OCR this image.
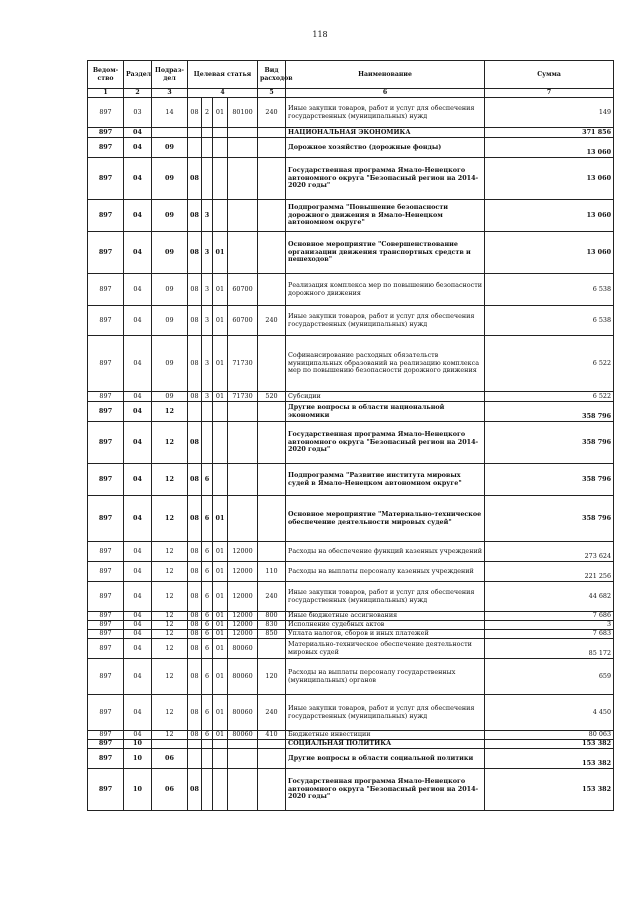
118
Ведом-ство	Раздел	Подраз-дел	Целевая статья				Вид расходов	Наименование	Сумма
1	2	3	4				5	6	7
897	03	14	08	2	01	80100	240	Иные закупки товаров, работ и услуг для обеспечения государственных (муниципальных) нужд	149
897	04							НАЦИОНАЛЬНАЯ ЭКОНОМИКА	371 856
897	04	09						Дорожное хозяйство (дорожные фонды)	13 060
897	04	09	08					Государственная программа Ямало-Ненецкого автономного округа "Безопасный регион на 2014-2020 годы"	13 060
897	04	09	08	3				Подпрограмма "Повышение безопасности дорожного движения в Ямало-Ненецком автономном округе"	13 060
897	04	09	08	3	01			Основное мероприятие "Совершенствование организации движения транспортных средств и пешеходов"	13 060
897	04	09	08	3	01	60700		Реализация комплекса мер по повышению безопасности дорожного движения	6 538
897	04	09	08	3	01	60700	240	Иные закупки товаров, работ и услуг для обеспечения государственных (муниципальных) нужд	6 538
897	04	09	08	3	01	71730		Софинансирование расходных обязательств муниципальных образований на реализацию комплекса мер по повышению безопасности дорожного движения	6 522
897	04	09	08	3	01	71730	520	Субсидии	6 522
897	04	12						Другие вопросы в области национальной экономики	358 796
897	04	12	08					Государственная программа Ямало-Ненецкого автономного округа "Безопасный регион на 2014-2020 годы"	358 796
897	04	12	08	6				Подпрограмма "Развитие института мировых судей в Ямало-Ненецком автономном округе"	358 796
897	04	12	08	6	01			Основное мероприятие "Материально-техническое обеспечение деятельности мировых судей"	358 796
897	04	12	08	6	01	12000		Расходы на обеспечение функций казенных учреждений	273 624
897	04	12	08	6	01	12000	110	Расходы на выплаты персоналу казенных учреждений	221 256
897	04	12	08	6	01	12000	240	Иные закупки товаров, работ и услуг для обеспечения государственных (муниципальных) нужд	44 682
897	04	12	08	6	01	12000	800	Иные бюджетные ассигнования	7 686
897	04	12	08	6	01	12000	830	Исполнение судебных актов	3
897	04	12	08	6	01	12000	850	Уплата налогов, сборов и иных платежей	7 683
897	04	12	08	6	01	80060		Материально-техническое обеспечение деятельности мировых судей	85 172
897	04	12	08	6	01	80060	120	Расходы на выплаты персоналу государственных (муниципальных) органов	659
897	04	12	08	6	01	80060	240	Иные закупки товаров, работ и услуг для обеспечения государственных (муниципальных) нужд	4 450
897	04	12	08	6	01	80060	410	Бюджетные инвестиции	80 063
897	10							СОЦИАЛЬНАЯ ПОЛИТИКА	153 382
897	10	06						Другие вопросы в области социальной политики	153 382
897	10	06	08					Государственная программа Ямало-Ненецкого автономного округа "Безопасный регион на 2014-2020 годы"	153 382
